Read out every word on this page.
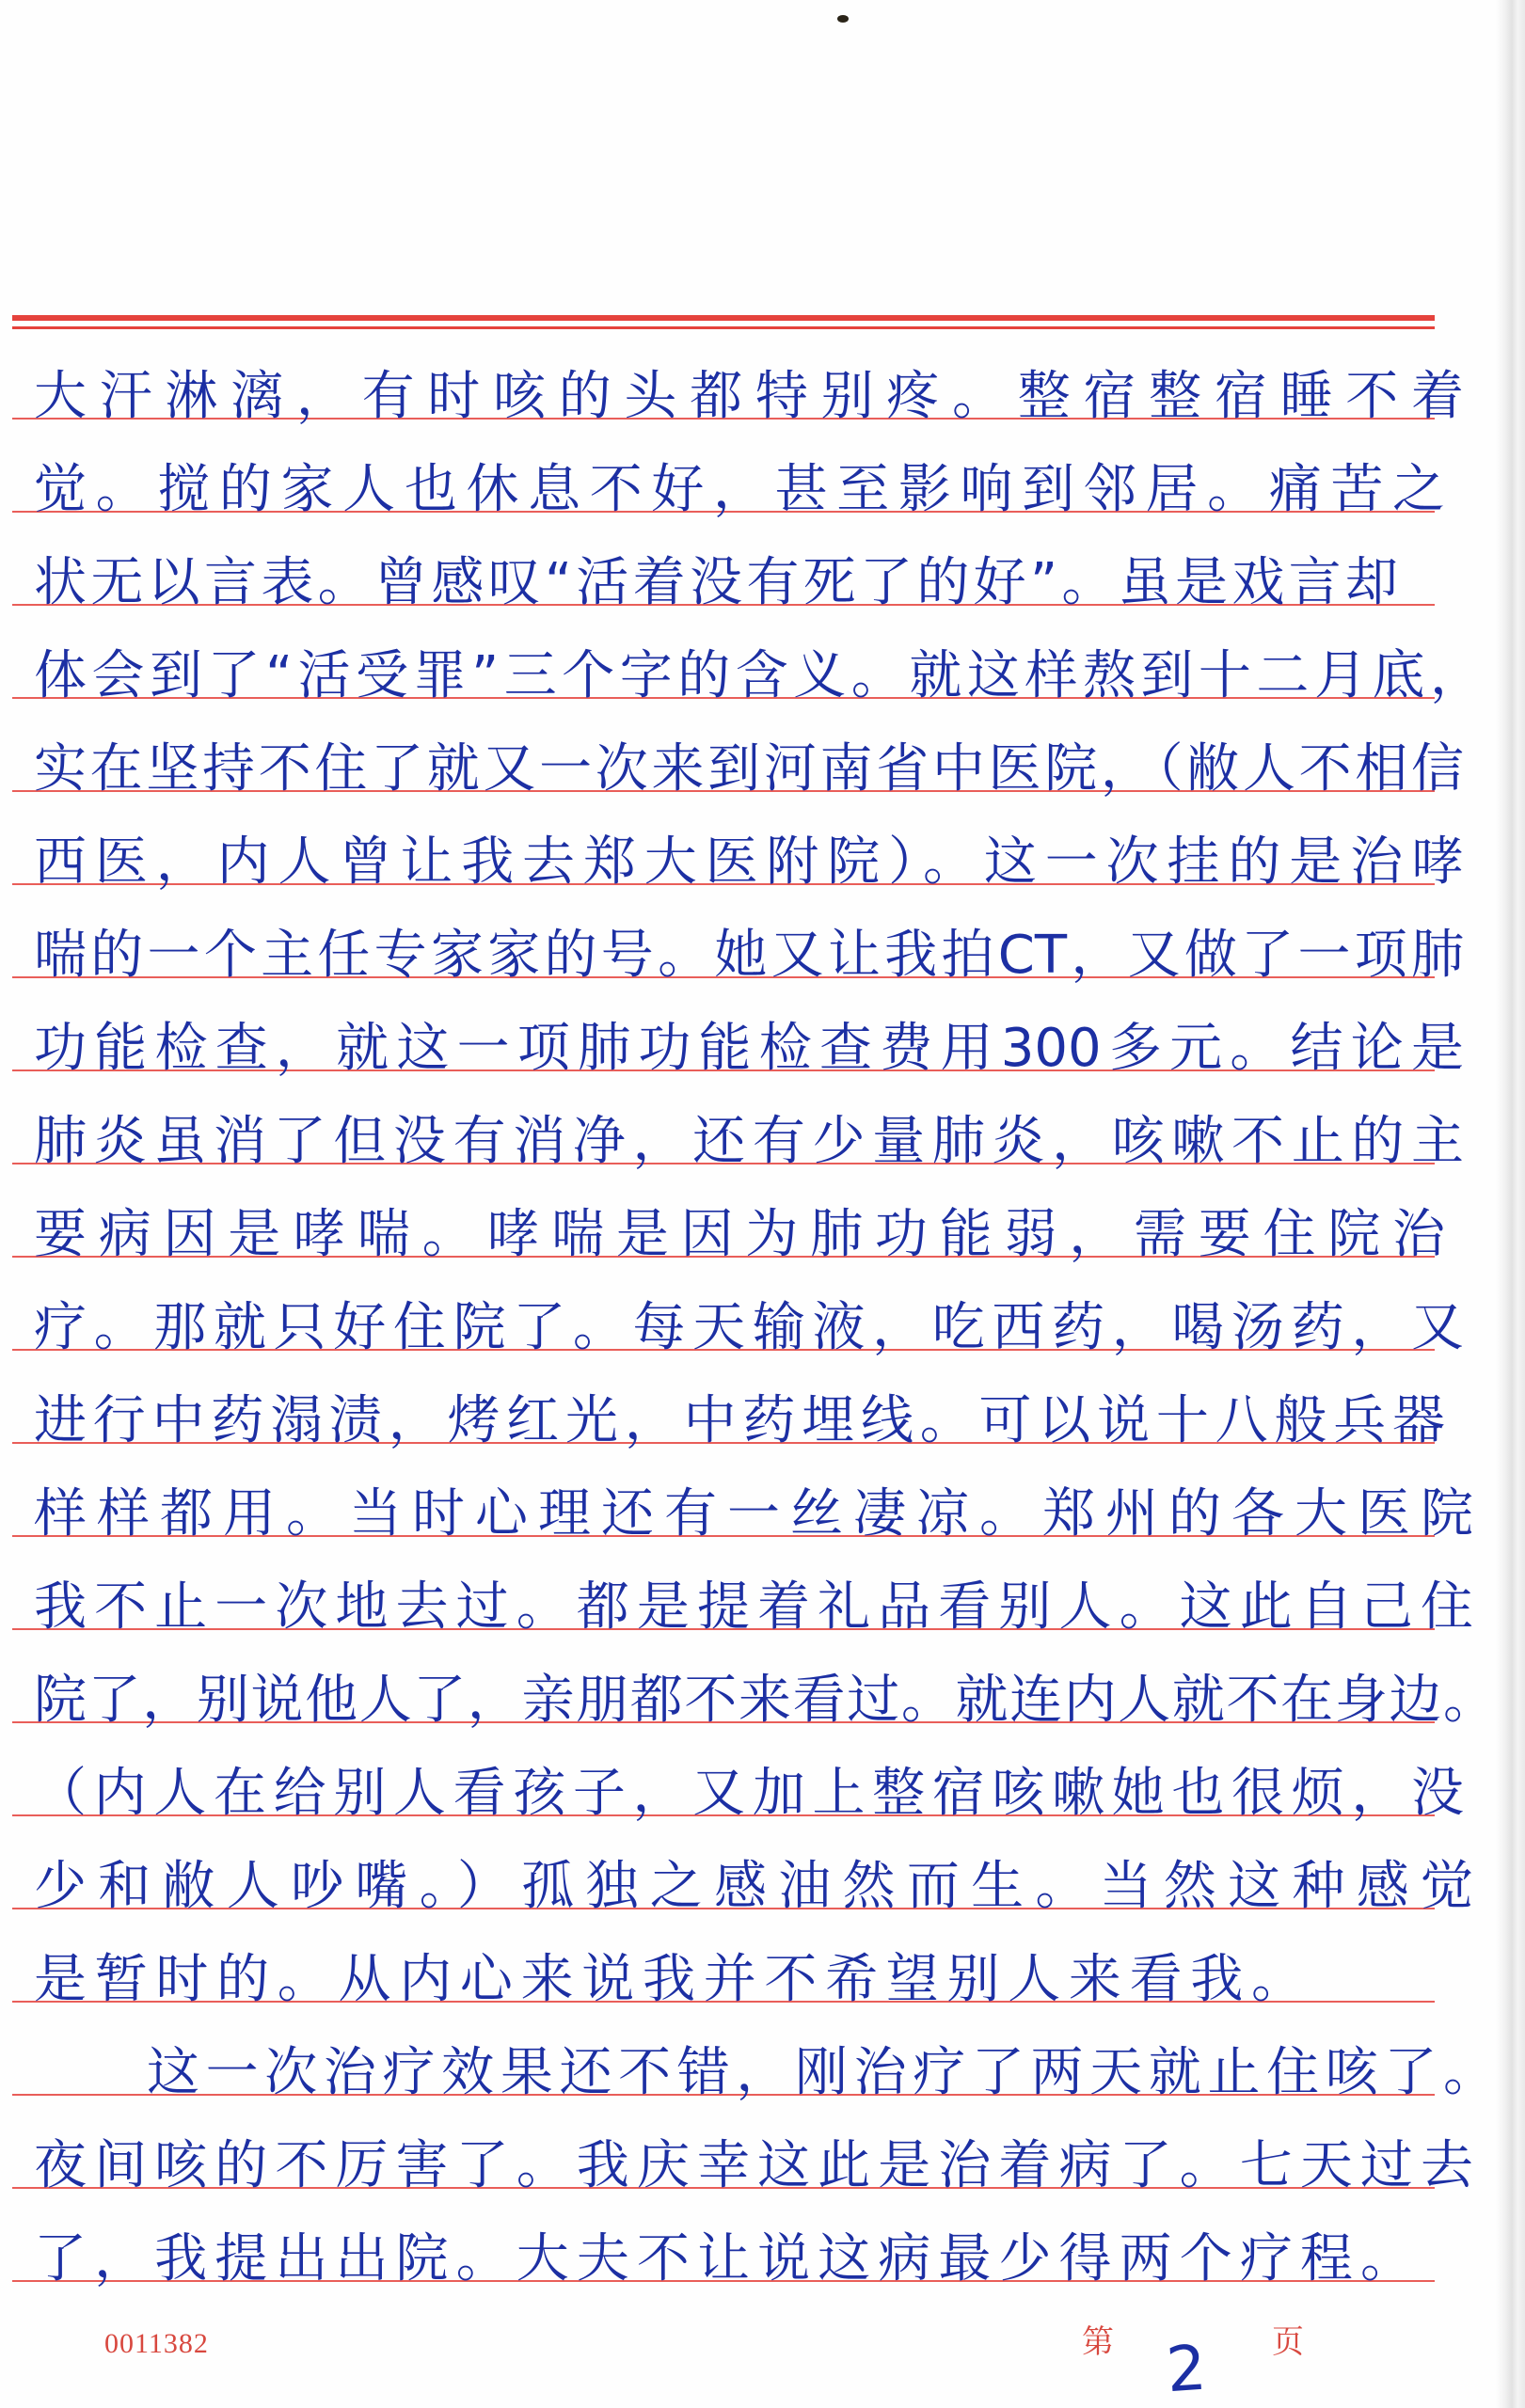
大汗淋漓，有时咳的头都特别疼。整宿整宿睡不着
觉。搅的家人也休息不好，甚至影响到邻居。痛苦之
状无以言表。曾感叹“活着没有死了的好”。虽是戏言却
体会到了“活受罪”三个字的含义。就这样熬到十二月底，
实在坚持不住了就又一次来到河南省中医院，（敝人不相信
西医，内人曾让我去郑大医附院）。这一次挂的是治哮
喘的一个主任专家家的号。她又让我拍CT，又做了一项肺
功能检查，就这一项肺功能检查费用300多元。结论是
肺炎虽消了但没有消净，还有少量肺炎，咳嗽不止的主
要病因是哮喘。哮喘是因为肺功能弱，需要住院治
疗。那就只好住院了。每天输液，吃西药，喝汤药，又
进行中药溻渍，烤红光，中药埋线。可以说十八般兵器
样样都用。当时心理还有一丝凄凉。郑州的各大医院
我不止一次地去过。都是提着礼品看别人。这此自己住
院了，别说他人了，亲朋都不来看过。就连内人就不在身边。
（内人在给别人看孩子，又加上整宿咳嗽她也很烦，没
少和敝人吵嘴。）孤独之感油然而生。当然这种感觉
是暂时的。从内心来说我并不希望别人来看我。
这一次治疗效果还不错，刚治疗了两天就止住咳了。
夜间咳的不厉害了。我庆幸这此是治着病了。七天过去
了，我提出出院。大夫不让说这病最少得两个疗程。
0011382	第 2 页
